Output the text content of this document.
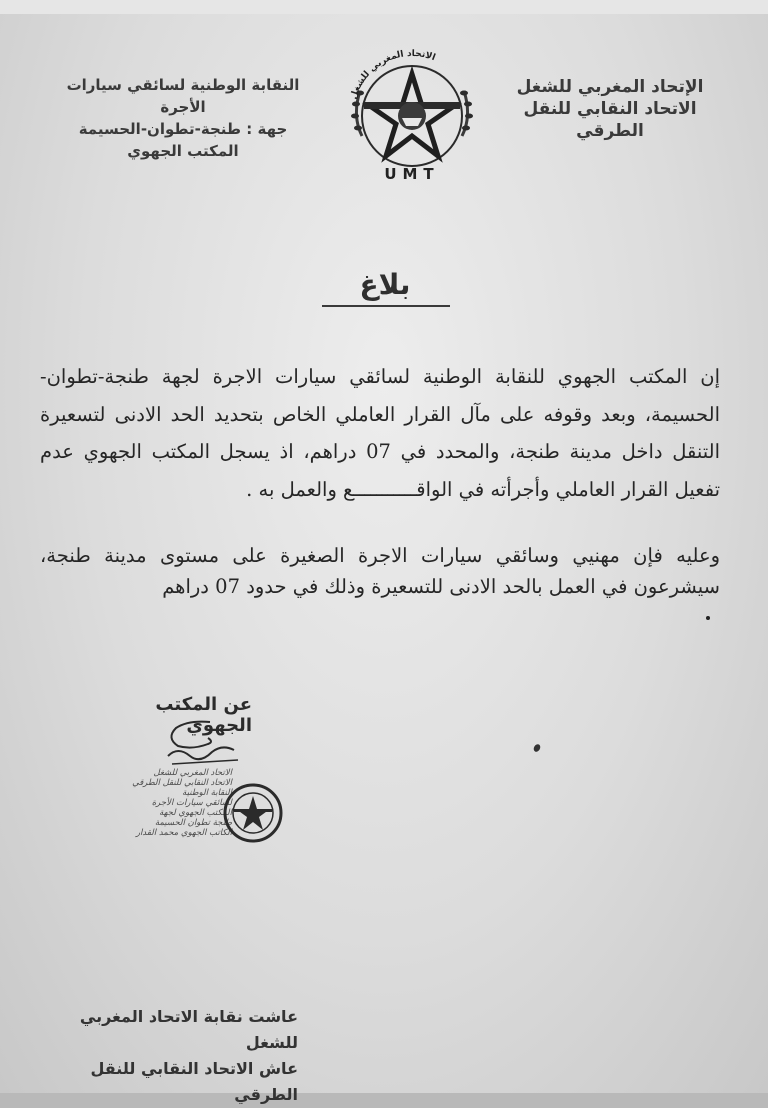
الإتحاد المغربي للشغل
الاتحاد النقابي للنقل الطرقي
النقابة الوطنية لسائقي سيارات الأجرة
جهة : طنجة-تطوان-الحسيمة
المكتب الجهوي
الاتحاد المغربي للشغل
UMT
بلاغ
إن المكتب الجهوي للنقابة الوطنية لسائقي سيارات الاجرة لجهة طنجة-تطوان-الحسيمة، وبعد وقوفه على مآل القرار العاملي الخاص بتحديد الحد الادنى لتسعيرة التنقل داخل مدينة طنجة، والمحدد في 07 دراهم، اذ يسجل المكتب الجهوي عدم تفعيل القرار العاملي وأجرأته في الواقـــــــــــع والعمل به .
وعليه فإن مهنيي وسائقي سيارات الاجرة الصغيرة على مستوى مدينة طنجة، سيشرعون في العمل بالحد الادنى للتسعيرة وذلك في حدود 07 دراهم
عن المكتب الجهوي
الاتحاد المغربي للشغل
الاتحاد النقابي للنقل الطرقي
النقابة الوطنية
لسائقي سيارات الأجرة
المكتب الجهوي لجهة
طنجة تطوان الحسيمة
الكاتب الجهوي محمد القدار
عاشت نقابة الاتحاد المغربي للشغل
عاش الاتحاد النقابي للنقل الطرقي
